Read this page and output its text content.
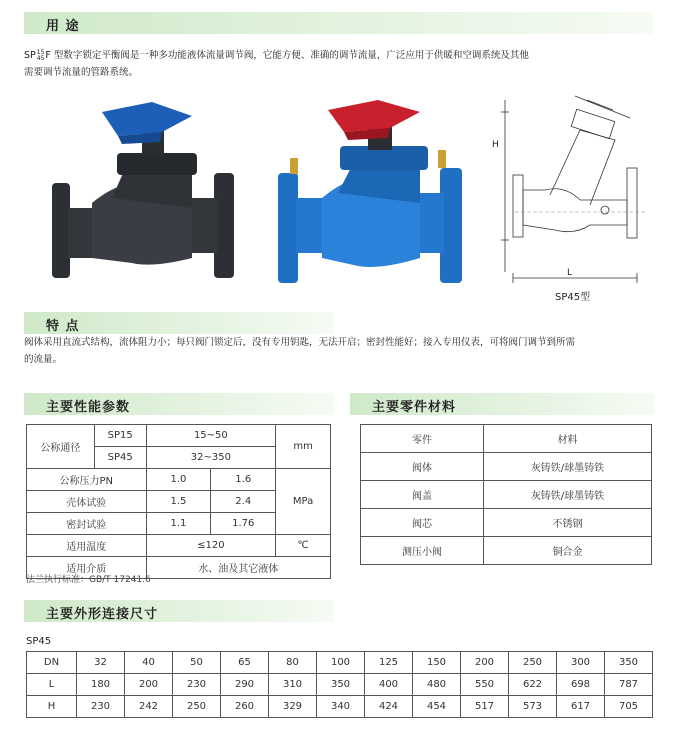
用 途
SP 15
45 F 型数字锁定平衡阀是一种多功能液体流量调节阀，它能方便、准确的调节流量，广泛应用于供暖和空调系统及其他
需要调节流量的管路系统。
H
L
SP45型
特 点
阀体采用直流式结构，流体阻力小；每只阀门锁定后，没有专用钥匙，无法开启；密封性能好；接入专用仪表，可将阀门调节到所需
的流量。
主要性能参数	主要零件材料
公称通径	SP15	15~50		mm
	SP45	32~350		
公称压力PN		1.0	1.6	MPa
壳体试验		1.5	2.4	
密封试验		1.1	1.76	
适用温度		≤120		℃
适用介质		水、油及其它液体		
法兰执行标准：GB/T 17241.6
零件	材料
阀体	灰铸铁/球墨铸铁
阀盖	灰铸铁/球墨铸铁
阀芯	不锈钢
测压小阀	铜合金
主要外形连接尺寸
SP45
DN	32	40	50	65	80	100	125	150	200	250	300	350
L	180	200	230	290	310	350	400	480	550	622	698	787
H	230	242	250	260	329	340	424	454	517	573	617	705
